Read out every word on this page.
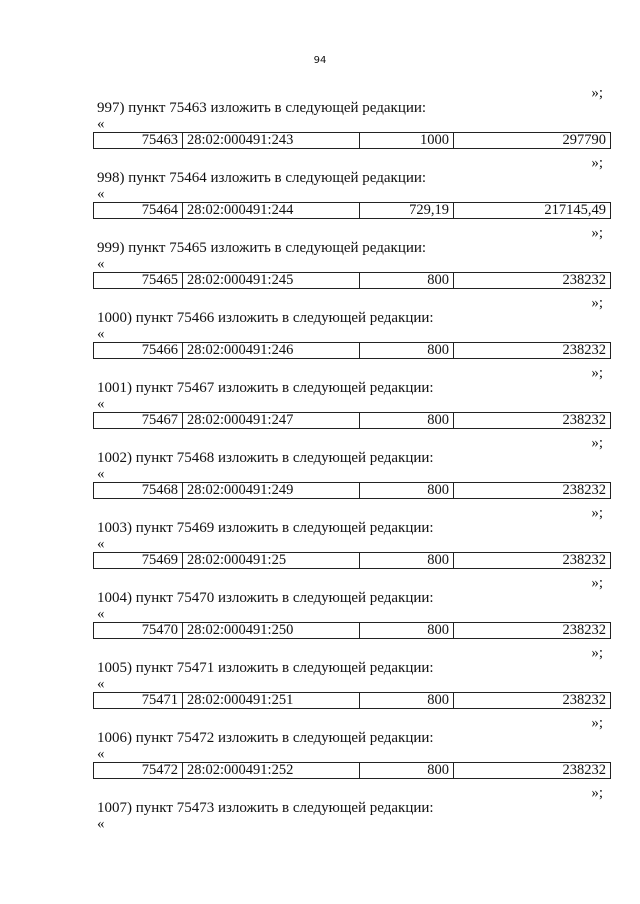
94
»;
997) пункт 75463 изложить в следующей редакции:
«
75463	28:02:000491:243	1000	297790
»;
998) пункт 75464 изложить в следующей редакции:
«
75464	28:02:000491:244	729,19	217145,49
»;
999) пункт 75465 изложить в следующей редакции:
«
75465	28:02:000491:245	800	238232
»;
1000) пункт 75466 изложить в следующей редакции:
«
75466	28:02:000491:246	800	238232
»;
1001) пункт 75467 изложить в следующей редакции:
«
75467	28:02:000491:247	800	238232
»;
1002) пункт 75468 изложить в следующей редакции:
«
75468	28:02:000491:249	800	238232
»;
1003) пункт 75469 изложить в следующей редакции:
«
75469	28:02:000491:25	800	238232
»;
1004) пункт 75470 изложить в следующей редакции:
«
75470	28:02:000491:250	800	238232
»;
1005) пункт 75471 изложить в следующей редакции:
«
75471	28:02:000491:251	800	238232
»;
1006) пункт 75472 изложить в следующей редакции:
«
75472	28:02:000491:252	800	238232
»;
1007) пункт 75473 изложить в следующей редакции:
«
